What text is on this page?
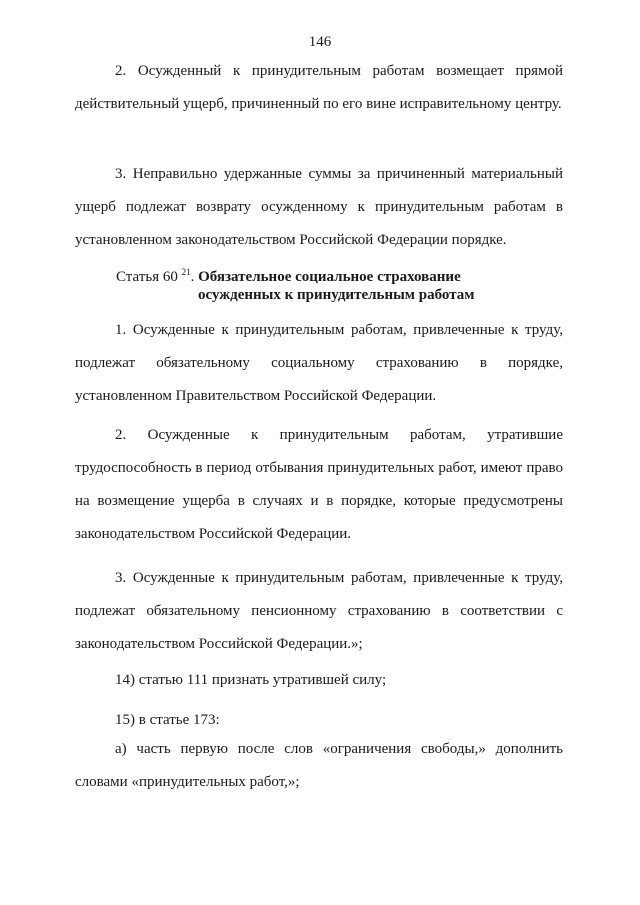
146

2. Осужденный к принудительным работам возмещает прямой действительный ущерб, причиненный по его вине исправительному центру.

3. Неправильно удержанные суммы за причиненный материальный ущерб подлежат возврату осужденному к принудительным работам в установленном законодательством Российской Федерации порядке.

Статья 60 $^{21}$. Обязательное социальное страхование
осужденных к принудительным работам

1. Осужденные к принудительным работам, привлеченные к труду, подлежат обязательному социальному страхованию в порядке, установленном Правительством Российской Федерации.

2. Осужденные к принудительным работам, утратившие трудоспособность в период отбывания принудительных работ, имеют право на возмещение ущерба в случаях и в порядке, которые предусмотрены законодательством Российской Федерации.

3. Осужденные к принудительным работам, привлеченные к труду, подлежат обязательному пенсионному страхованию в соответствии с законодательством Российской Федерации.»;

14) статью 111 признать утратившей силу;

15) в статье 173:

а) часть первую после слов «ограничения свободы,» дополнить словами «принудительных работ,»;
